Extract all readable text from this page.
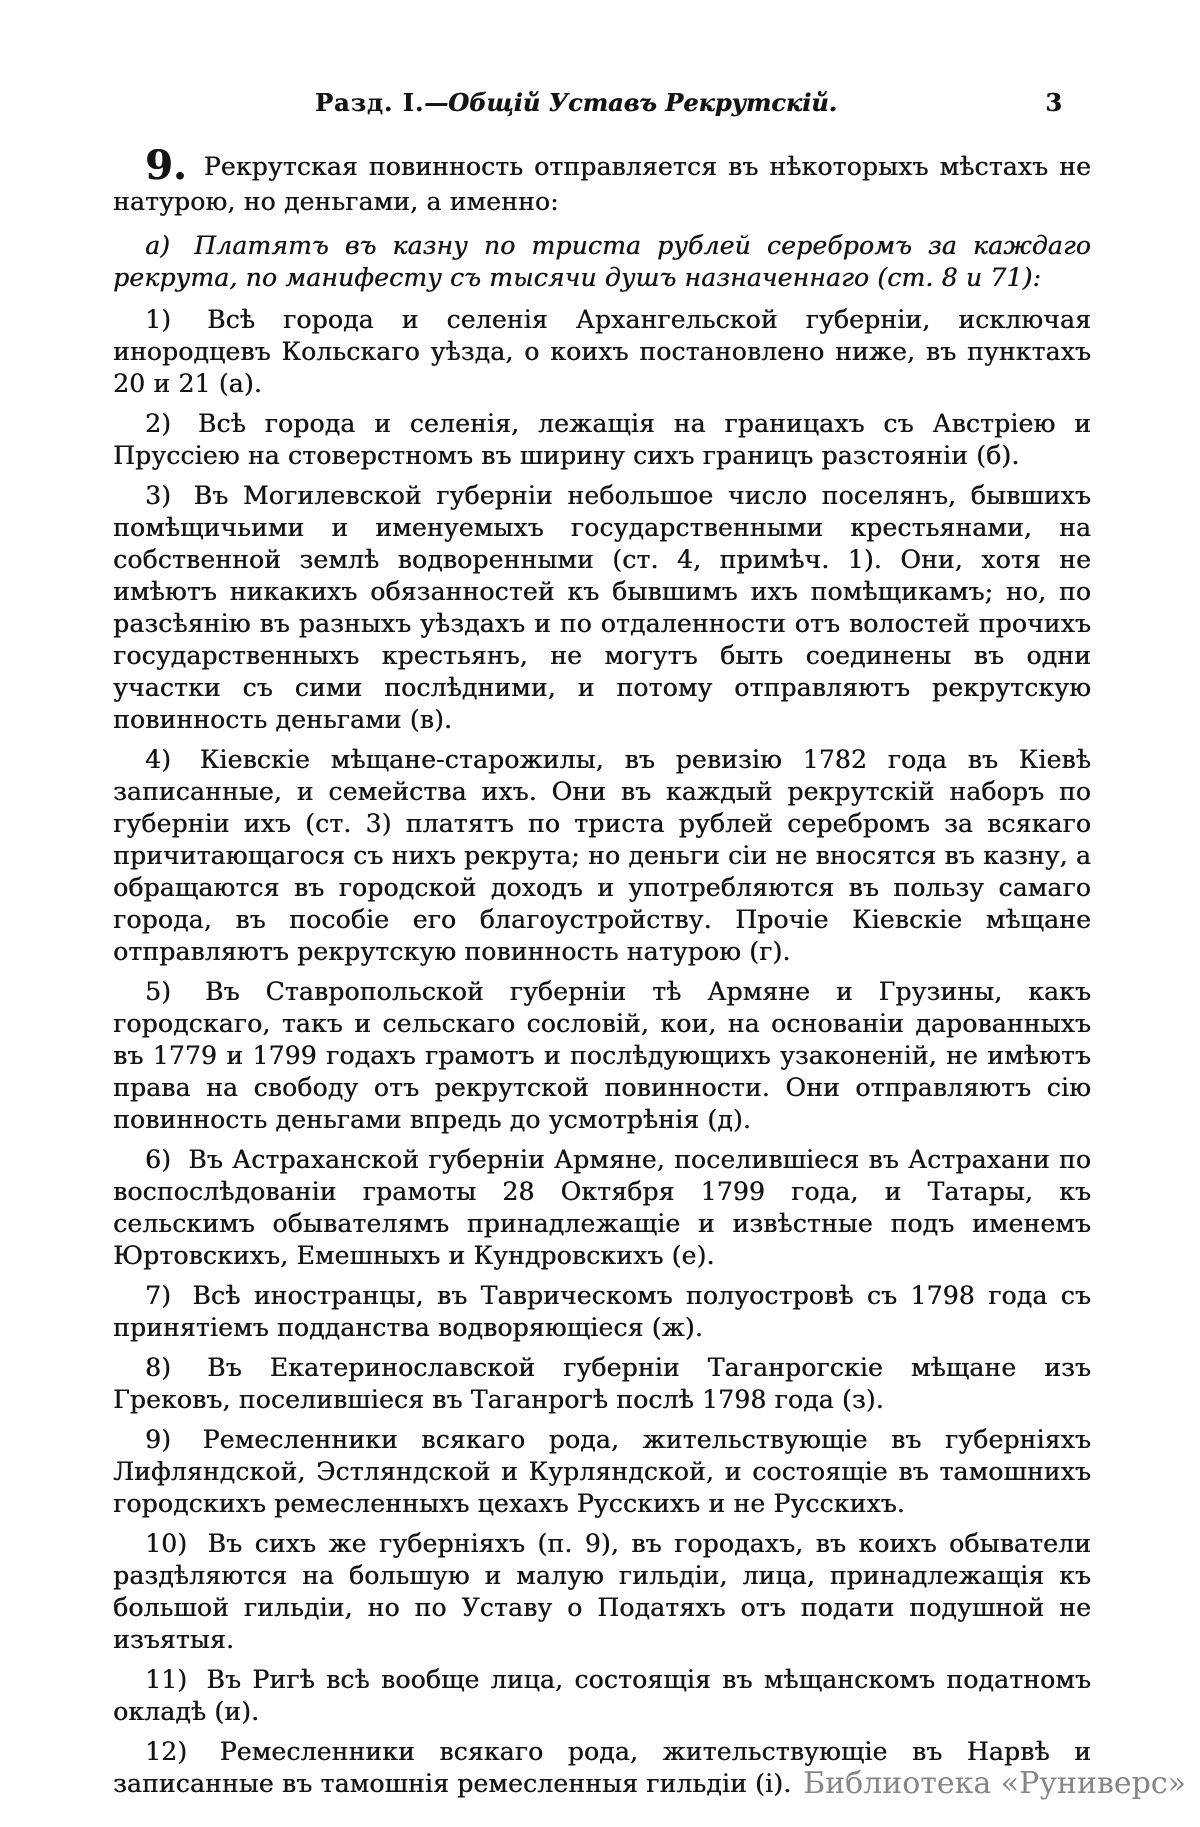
Разд. I.—Общій Уставъ Рекрутскій.	3

9. Рекрутская повинность отправляется въ нѣкоторыхъ мѣстахъ не натурою, но деньгами, а именно:

а) Платятъ въ казну по триста рублей серебромъ за каждаго рекрута, по манифесту съ тысячи душъ назначеннаго (ст. 8 и 71):

1) Всѣ города и селенія Архангельской губерніи, исключая инородцевъ Кольскаго уѣзда, о коихъ постановлено ниже, въ пунктахъ 20 и 21 (а).

2) Всѣ города и селенія, лежащія на границахъ съ Австріею и Пруссіею на стоверстномъ въ ширину сихъ границъ разстояніи (б).

3) Въ Могилевской губерніи небольшое число поселянъ, бывшихъ помѣщичьими и именуемыхъ государственными крестьянами, на собственной землѣ водворенными (ст. 4, примѣч. 1). Они, хотя не имѣютъ никакихъ обязанностей къ бывшимъ ихъ помѣщикамъ; но, по разсѣянію въ разныхъ уѣздахъ и по отдаленности отъ волостей прочихъ государственныхъ крестьянъ, не могутъ быть соединены въ одни участки съ сими послѣдними, и потому отправляютъ рекрутскую повинность деньгами (в).

4) Кіевскіе мѣщане-старожилы, въ ревизію 1782 года въ Кіевѣ записанные, и семейства ихъ. Они въ каждый рекрутскій наборъ по губерніи ихъ (ст. 3) платятъ по триста рублей серебромъ за всякаго причитающагося съ нихъ рекрута; но деньги сіи не вносятся въ казну, а обращаются въ городской доходъ и употребляются въ пользу самаго города, въ пособіе его благоустройству. Прочіе Кіевскіе мѣщане отправляютъ рекрутскую повинность натурою (г).

5) Въ Ставропольской губерніи тѣ Армяне и Грузины, какъ городскаго, такъ и сельскаго сословій, кои, на основаніи дарованныхъ въ 1779 и 1799 годахъ грамотъ и послѣдующихъ узаконеній, не имѣютъ права на свободу отъ рекрутской повинности. Они отправляютъ сію повинность деньгами впредь до усмотрѣнія (д).

6) Въ Астраханской губерніи Армяне, поселившіеся въ Астрахани по воспослѣдованіи грамоты 28 Октября 1799 года, и Татары, къ сельскимъ обывателямъ принадлежащіе и извѣстные подъ именемъ Юртовскихъ, Емешныхъ и Кундровскихъ (е).

7) Всѣ иностранцы, въ Таврическомъ полуостровѣ съ 1798 года съ принятіемъ подданства водворяющіеся (ж).

8) Въ Екатеринославской губерніи Таганрогскіе мѣщане изъ Грековъ, поселившіеся въ Таганрогѣ послѣ 1798 года (з).

9) Ремесленники всякаго рода, жительствующіе въ губерніяхъ Лифляндской, Эстляндской и Курляндской, и состоящіе въ тамошнихъ городскихъ ремесленныхъ цехахъ Русскихъ и не Русскихъ.

10) Въ сихъ же губерніяхъ (п. 9), въ городахъ, въ коихъ обыватели раздѣляются на большую и малую гильдіи, лица, принадлежащія къ большой гильдіи, но по Уставу о Податяхъ отъ подати подушной не изъятыя.

11) Въ Ригѣ всѣ вообще лица, состоящія въ мѣщанскомъ податномъ окладѣ (и).

12) Ремесленники всякаго рода, жительствующіе въ Нарвѣ и записанные въ тамошнія ремесленныя гильдіи (і). Библиотека «Руниверс»
